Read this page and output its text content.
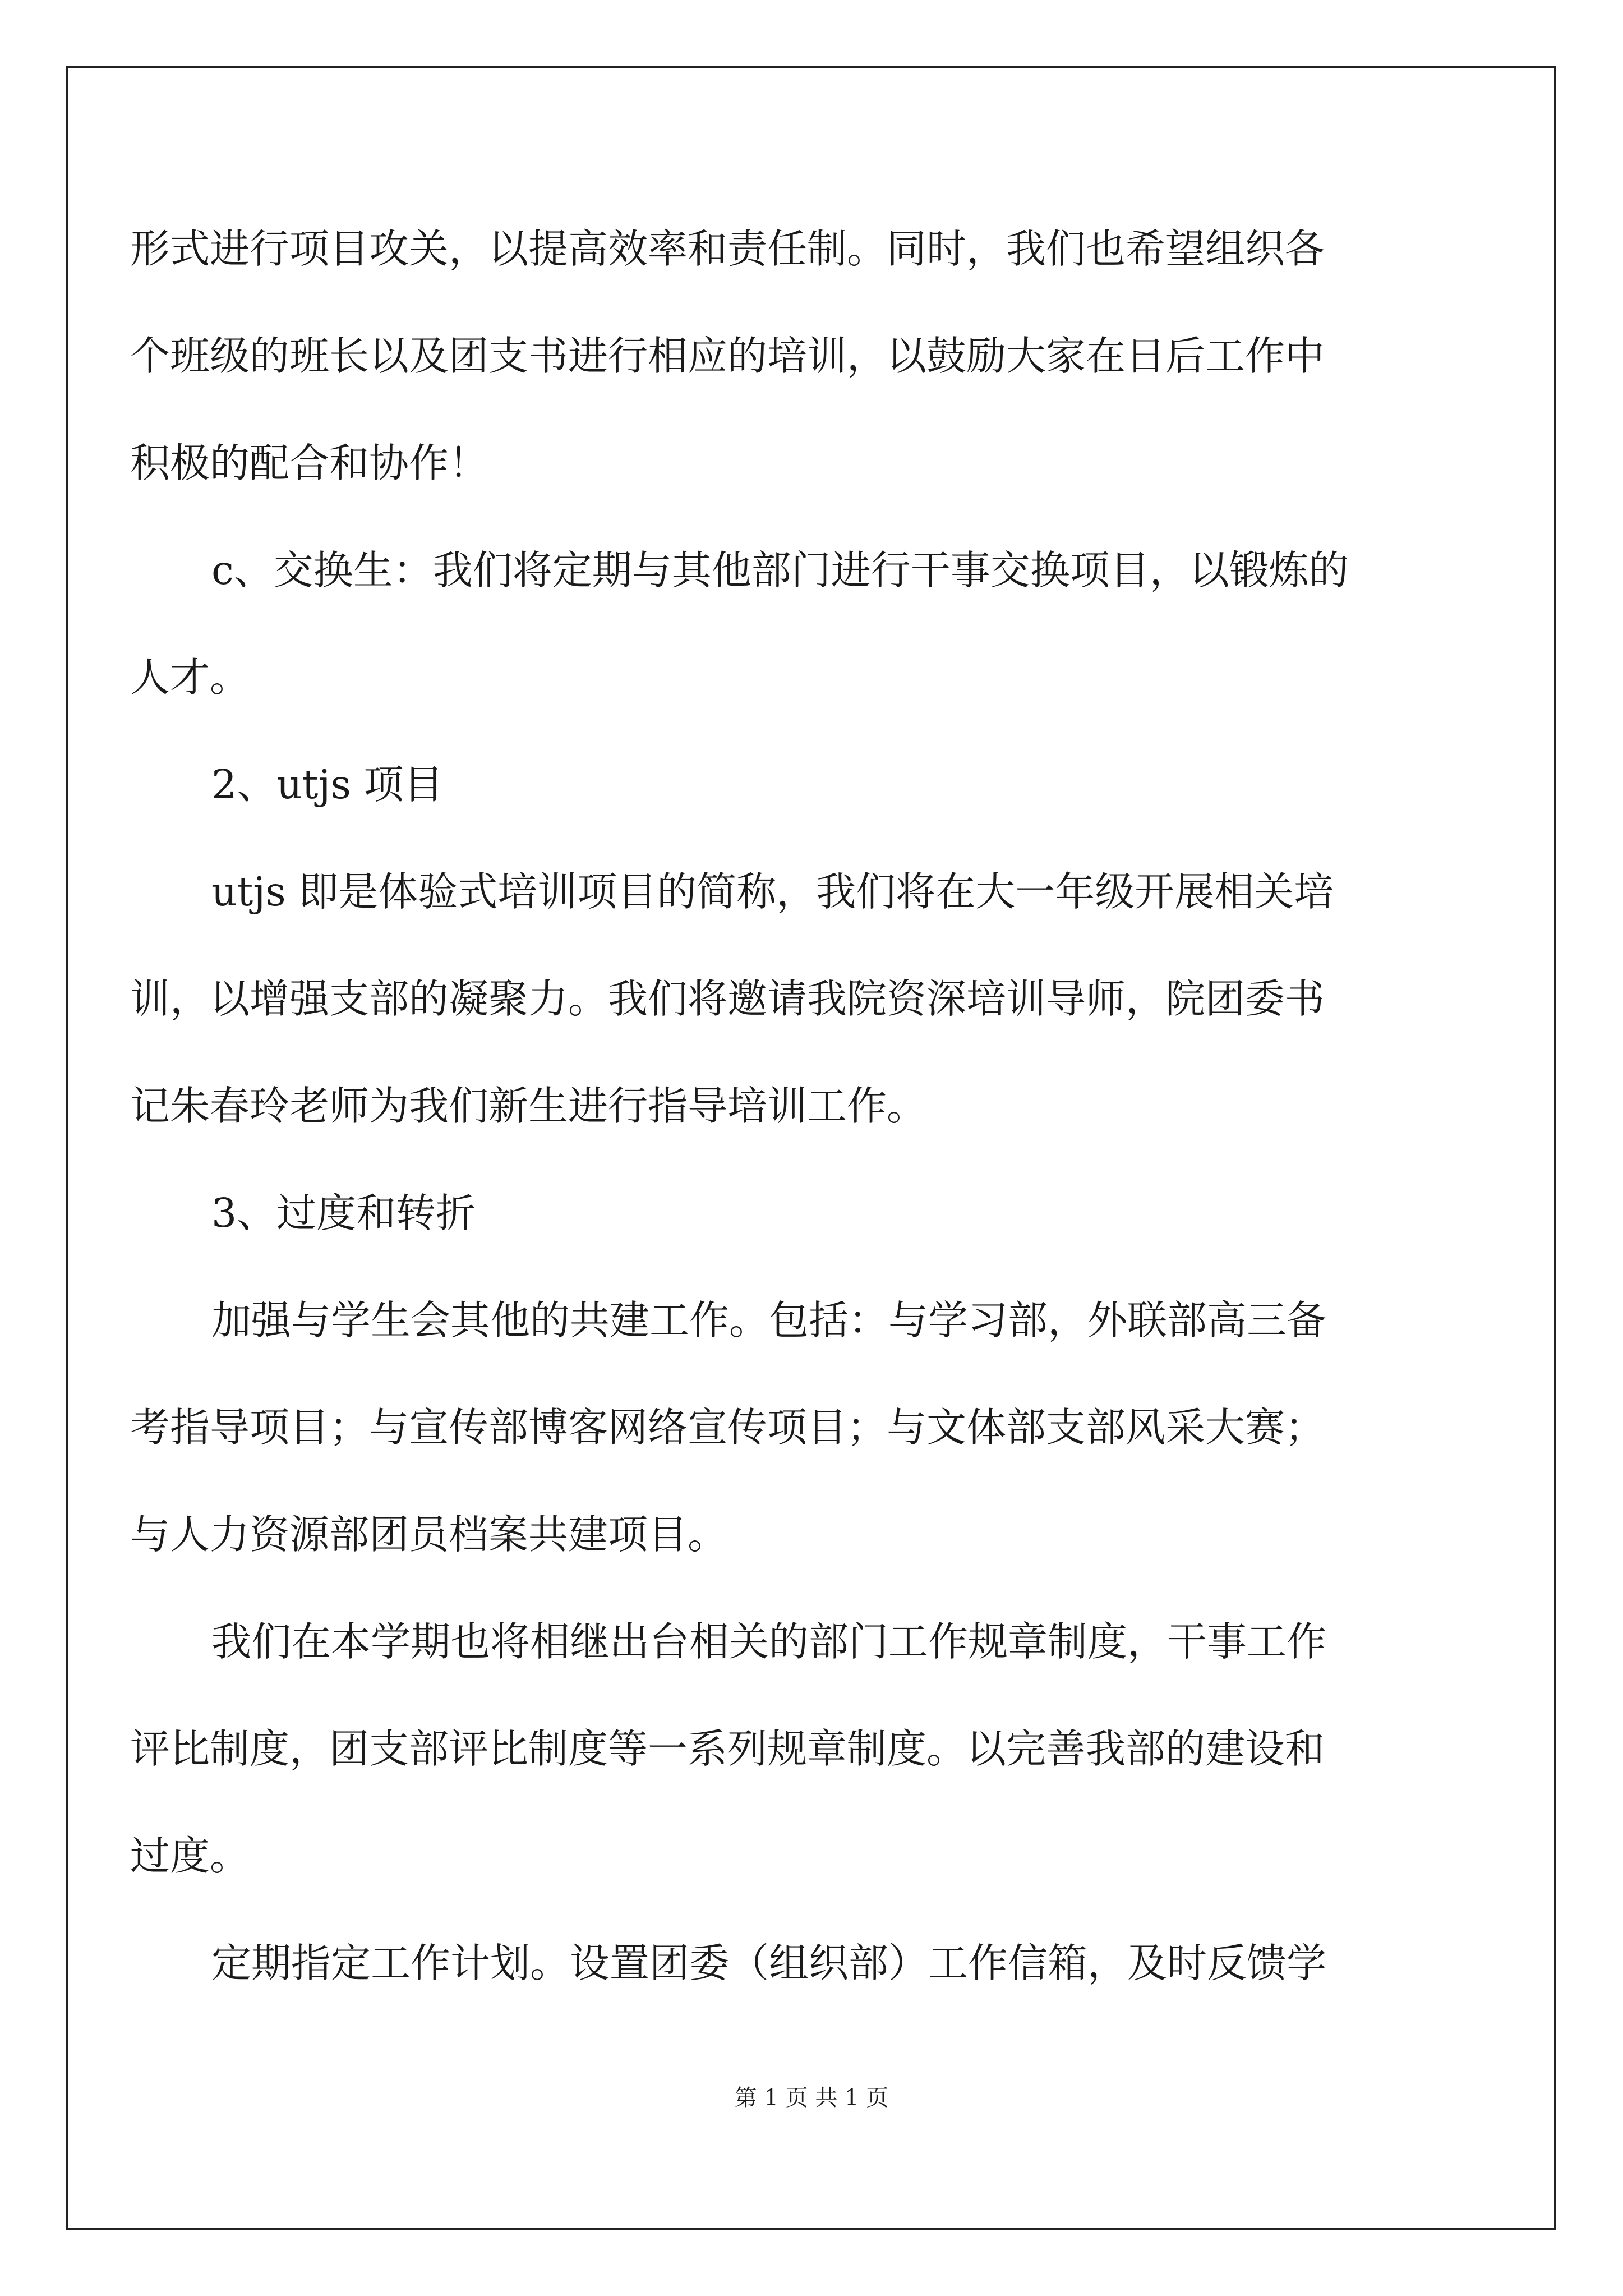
形式进行项目攻关，以提高效率和责任制。同时，我们也希望组织各
个班级的班长以及团支书进行相应的培训，以鼓励大家在日后工作中
积极的配合和协作！
c、交换生：我们将定期与其他部门进行干事交换项目，以锻炼的
人才。
2、utjs 项目
utjs 即是体验式培训项目的简称，我们将在大一年级开展相关培
训，以增强支部的凝聚力。我们将邀请我院资深培训导师，院团委书
记朱春玲老师为我们新生进行指导培训工作。
3、过度和转折
加强与学生会其他的共建工作。包括：与学习部，外联部高三备
考指导项目；与宣传部博客网络宣传项目；与文体部支部风采大赛；
与人力资源部团员档案共建项目。
我们在本学期也将相继出台相关的部门工作规章制度，干事工作
评比制度，团支部评比制度等一系列规章制度。以完善我部的建设和
过度。
定期指定工作计划。设置团委（组织部）工作信箱，及时反馈学
第 1 页 共 1 页
